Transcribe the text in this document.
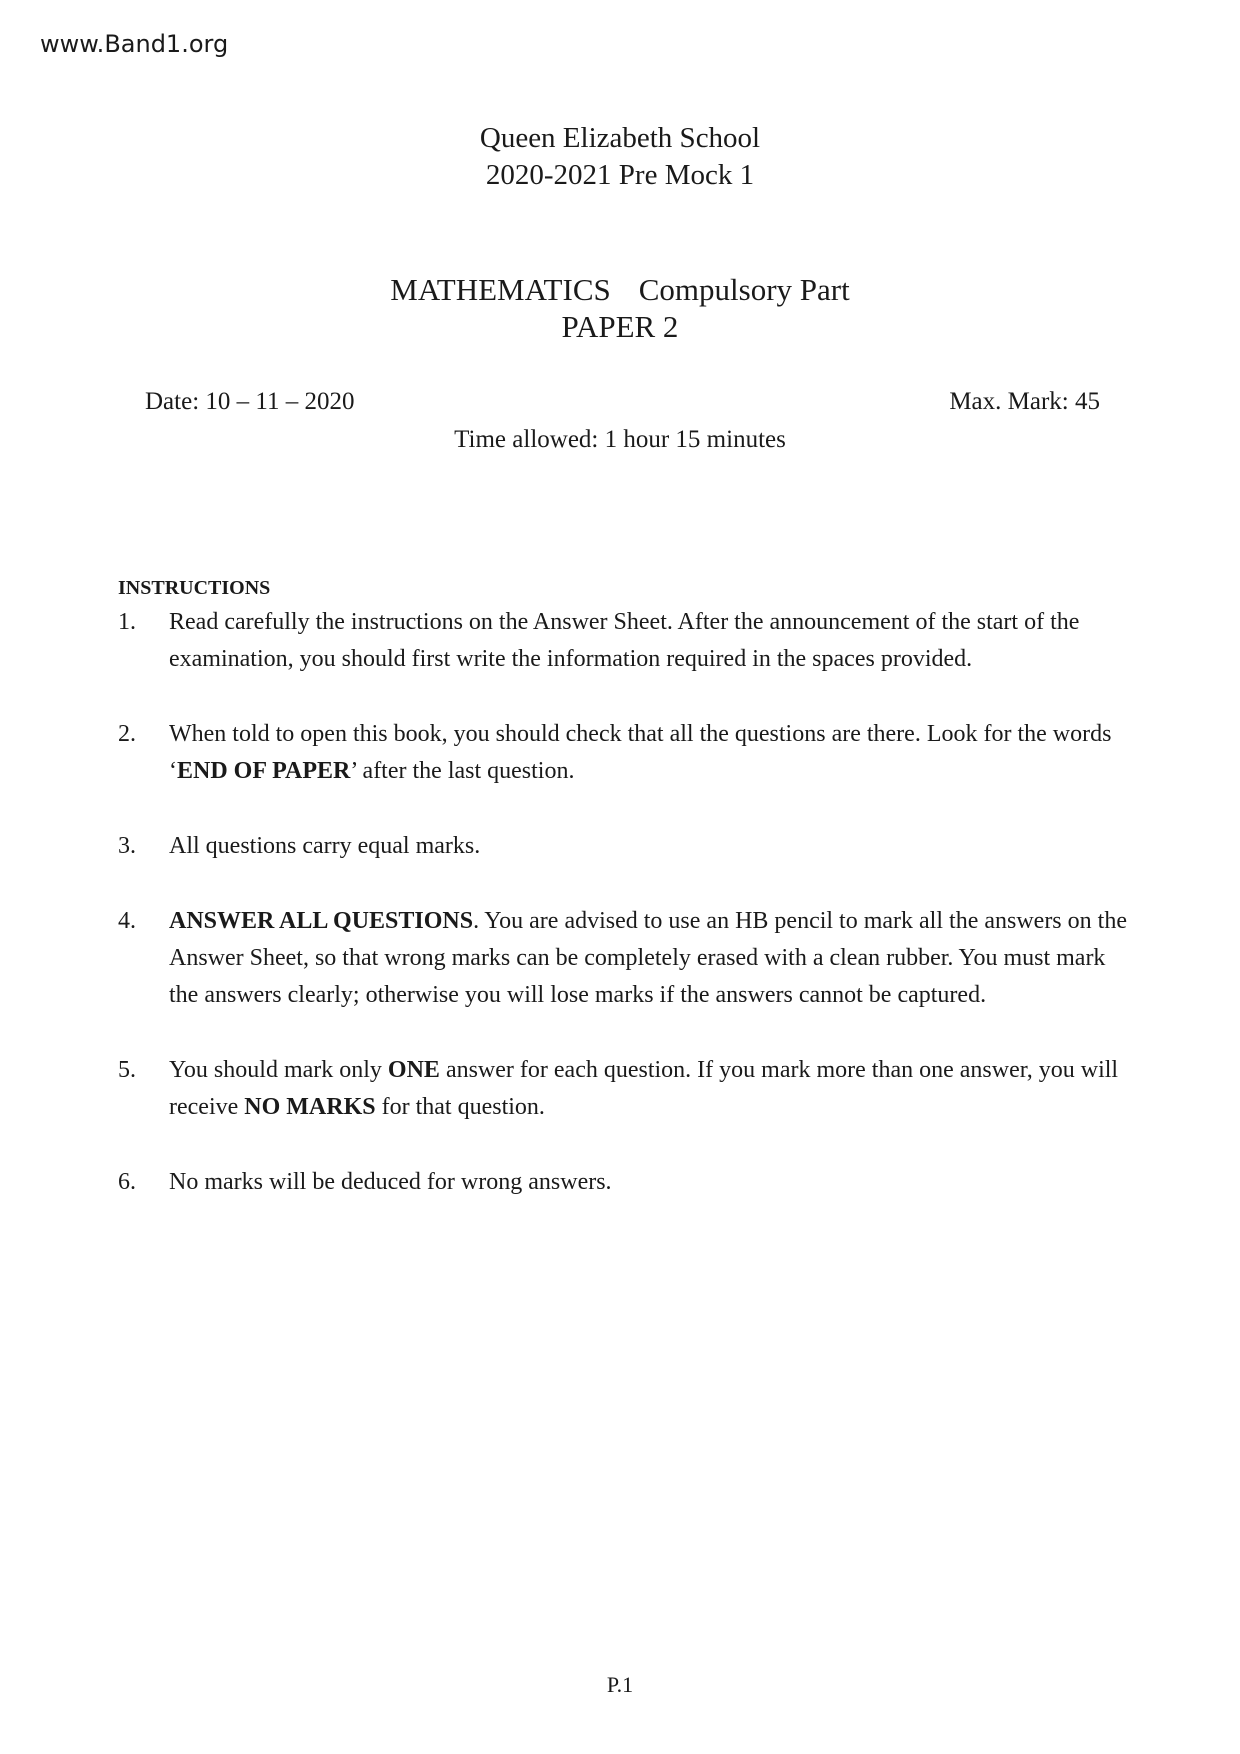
www.Band1.org
Queen Elizabeth School
2020-2021 Pre Mock 1
MATHEMATICS Compulsory Part
PAPER 2
Date: 10 – 11 – 2020	Max. Mark: 45
Time allowed: 1 hour 15 minutes
INSTRUCTIONS
1.	Read carefully the instructions on the Answer Sheet. After the announcement of the start of the examination, you should first write the information required in the spaces provided.
2.	When told to open this book, you should check that all the questions are there. Look for the words ‘END OF PAPER’ after the last question.
3.	All questions carry equal marks.
4.	ANSWER ALL QUESTIONS. You are advised to use an HB pencil to mark all the answers on the Answer Sheet, so that wrong marks can be completely erased with a clean rubber. You must mark the answers clearly; otherwise you will lose marks if the answers cannot be captured.
5.	You should mark only ONE answer for each question. If you mark more than one answer, you will receive NO MARKS for that question.
6.	No marks will be deduced for wrong answers.
P.1
